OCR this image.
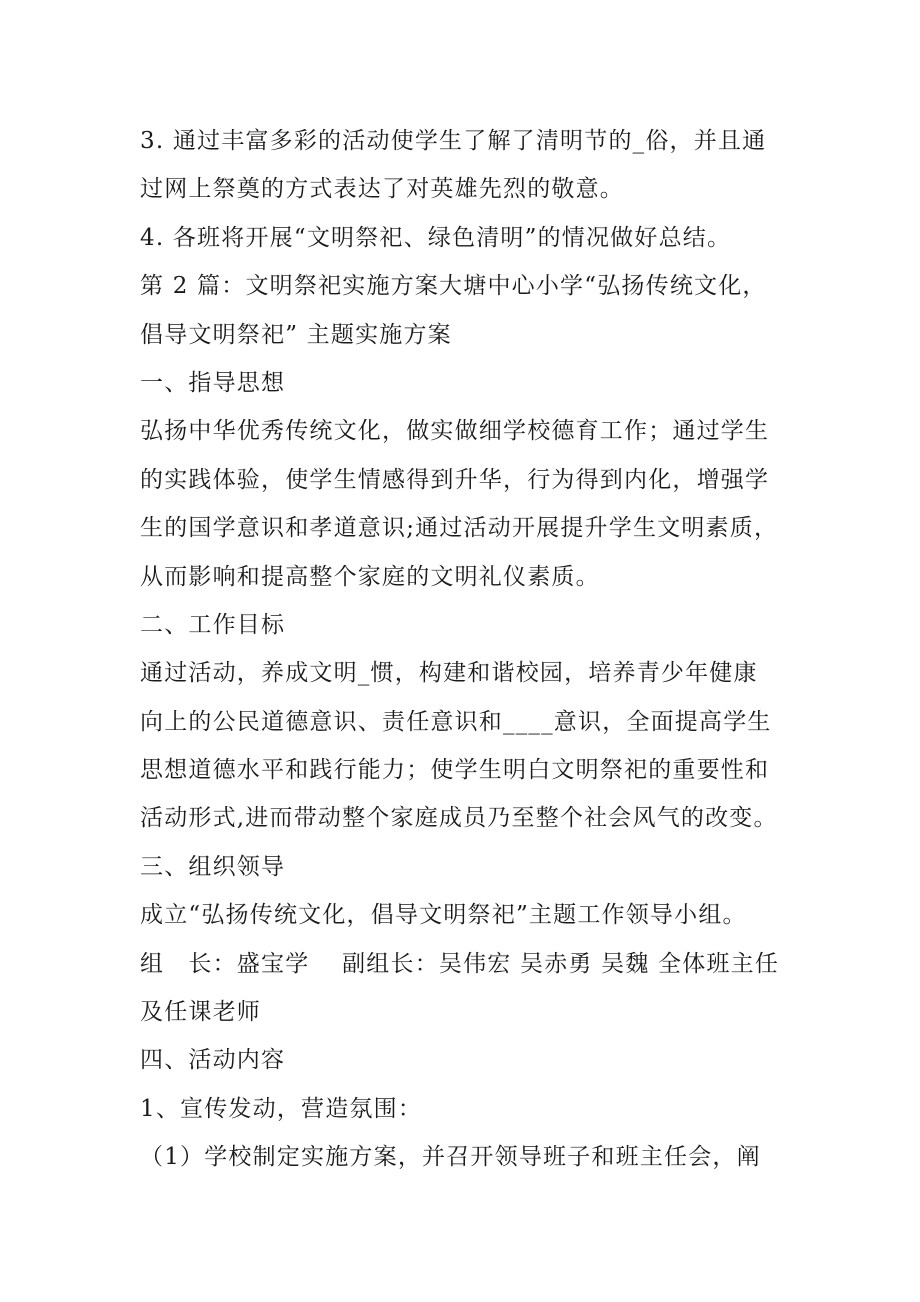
3. 通过丰富多彩的活动使学生了解了清明节的_俗，并且通
过网上祭奠的方式表达了对英雄先烈的敬意。
4. 各班将开展“文明祭祀、绿色清明”的情况做好总结。
第 2 篇：文明祭祀实施方案大塘中心小学“弘扬传统文化，
倡导文明祭祀” 主题实施方案
一、指导思想
弘扬中华优秀传统文化，做实做细学校德育工作；通过学生
的实践体验，使学生情感得到升华，行为得到内化，增强学
生的国学意识和孝道意识;通过活动开展提升学生文明素质，
从而影响和提高整个家庭的文明礼仪素质。
二、工作目标
通过活动，养成文明_惯，构建和谐校园，培养青少年健康
向上的公民道德意识、责任意识和____意识，全面提高学生
思想道德水平和践行能力；使学生明白文明祭祀的重要性和
活动形式,进而带动整个家庭成员乃至整个社会风气的改变。
三、组织领导
成立“弘扬传统文化，倡导文明祭祀”主题工作领导小组。
组　长：盛宝学　 副组长：吴伟宏 吴赤勇 吴魏 全体班主任
及任课老师
四、活动内容
1、宣传发动，营造氛围：
（1）学校制定实施方案，并召开领导班子和班主任会，阐
